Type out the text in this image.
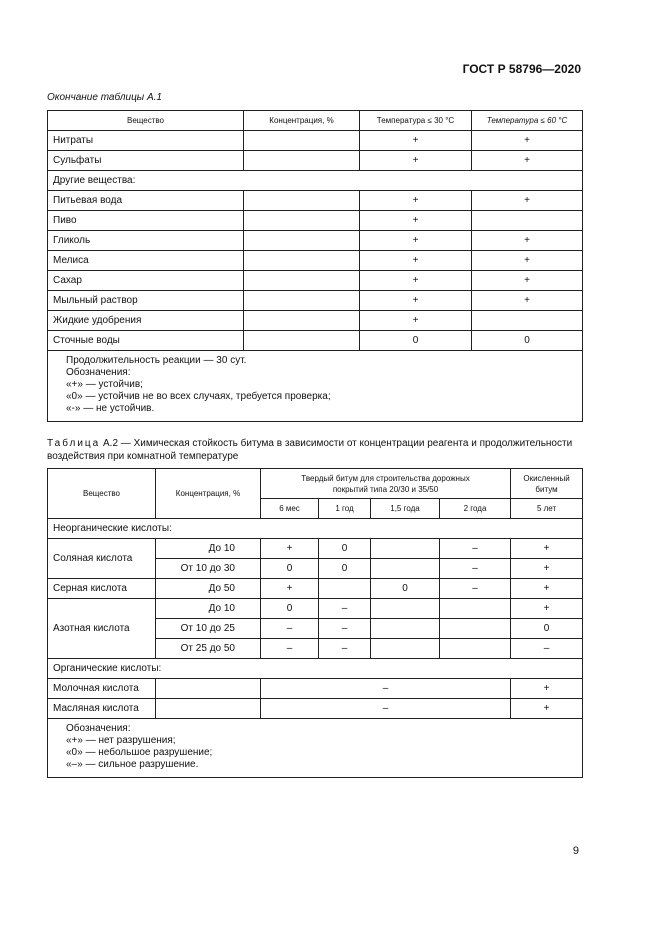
ГОСТ Р 58796—2020
Окончание таблицы А.1
Вещество	Концентрация, %	Температура ≤ 30 °С	Температура ≤ 60 °С
Нитраты		+	+
Сульфаты		+	+
Другие вещества:			
Питьевая вода		+	+
Пиво		+	
Гликоль		+	+
Мелиса		+	+
Сахар		+	+
Мыльный раствор		+	+
Жидкие удобрения		+	
Сточные воды		0	0

Продолжительность реакции — 30 сут.
Обозначения:
«+» — устойчив;
«0» — устойчив не во всех случаях, требуется проверка;
«-» — не устойчив.			
Таблица А.2 — Химическая стойкость битума в зависимости от концентрации реагента и продолжительности воздействия при комнатной температуре
Вещество	Концентрация, %	Твердый битум для строительства дорожных покрытий типа 20/30 и 35/50				Окисленный битум
		6 мес	1 год	1,5 года	2 года	5 лет
Неорганические кислоты:						
Соляная кислота	До 10	+	0		–	+
	От 10 до 30	0	0		–	+
Серная кислота	До 50	+		0	–	+
Азотная кислота	До 10	0	–			+
	От 10 до 25	–	–			0
	От 25 до 50	–	–			–
Органические кислоты:						
Молочная кислота		–				+
Масляная кислота		–				+

Обозначения:
«+» — нет разрушения;
«0» — небольшое разрушение;
«–» — сильное разрушение.						
9
